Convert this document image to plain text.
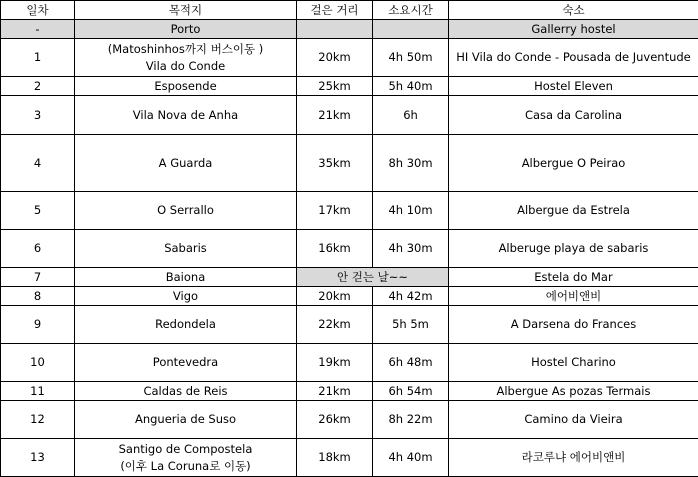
일차	목적지	걸은 거리	소요시간	숙소
-	Porto			Gallerry hostel
1	(Matoshinhos까지 버스이동 )
Vila do Conde	20km	4h 50m	HI Vila do Conde - Pousada de Juventude
2	Esposende	25km	5h 40m	Hostel Eleven
3	Vila Nova de Anha	21km	6h	Casa da Carolina
4	A Guarda	35km	8h 30m	Albergue O Peirao
5	O Serrallo	17km	4h 10m	Albergue da Estrela
6	Sabaris	16km	4h 30m	Alberuge playa de sabaris
7	Baiona	안 걷는 날~~		Estela do Mar
8	Vigo	20km	4h 42m	에어비앤비
9	Redondela	22km	5h 5m	A Darsena do Frances
10	Pontevedra	19km	6h 48m	Hostel Charino
11	Caldas de Reis	21km	6h 54m	Albergue As pozas Termais
12	Angueria de Suso	26km	8h 22m	Camino da Vieira
13	Santigo de Compostela
(이후 La Coruna로 이동)	18km	4h 40m	라코루냐 에어비앤비
